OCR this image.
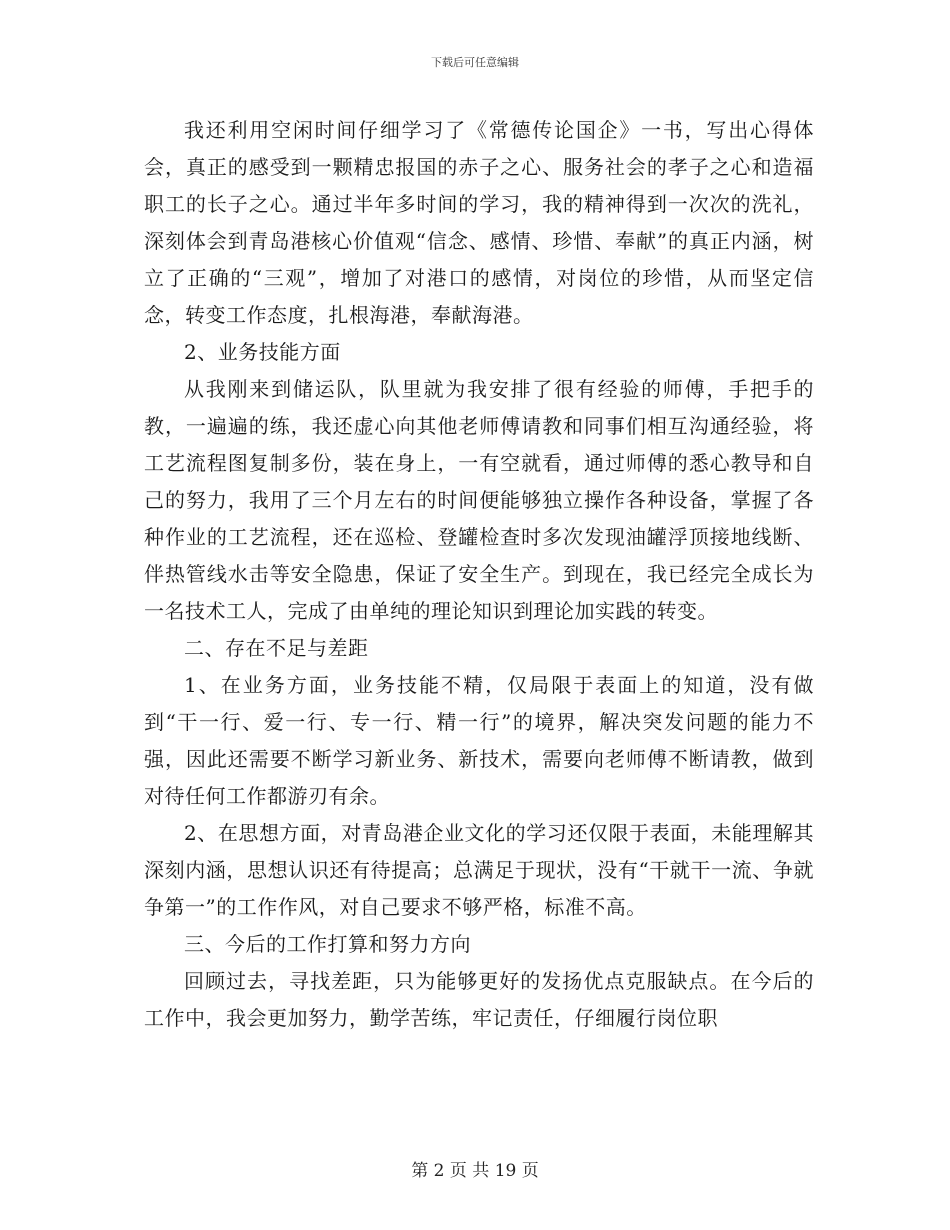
下载后可任意编辑

我还利用空闲时间仔细学习了《常德传论国企》一书，写出心得体会，真正的感受到一颗精忠报国的赤子之心、服务社会的孝子之心和造福职工的长子之心。通过半年多时间的学习，我的精神得到一次次的洗礼，深刻体会到青岛港核心价值观“信念、感情、珍惜、奉献”的真正内涵，树立了正确的“三观”，增加了对港口的感情，对岗位的珍惜，从而坚定信念，转变工作态度，扎根海港，奉献海港。

2、业务技能方面

从我刚来到储运队，队里就为我安排了很有经验的师傅，手把手的教，一遍遍的练，我还虚心向其他老师傅请教和同事们相互沟通经验，将工艺流程图复制多份，装在身上，一有空就看，通过师傅的悉心教导和自己的努力，我用了三个月左右的时间便能够独立操作各种设备，掌握了各种作业的工艺流程，还在巡检、登罐检查时多次发现油罐浮顶接地线断、伴热管线水击等安全隐患，保证了安全生产。到现在，我已经完全成长为一名技术工人，完成了由单纯的理论知识到理论加实践的转变。

二、存在不足与差距

1、在业务方面，业务技能不精，仅局限于表面上的知道，没有做到“干一行、爱一行、专一行、精一行”的境界，解决突发问题的能力不强，因此还需要不断学习新业务、新技术，需要向老师傅不断请教，做到对待任何工作都游刃有余。

2、在思想方面，对青岛港企业文化的学习还仅限于表面，未能理解其深刻内涵，思想认识还有待提高；总满足于现状，没有“干就干一流、争就争第一”的工作作风，对自己要求不够严格，标准不高。

三、今后的工作打算和努力方向

回顾过去，寻找差距，只为能够更好的发扬优点克服缺点。在今后的工作中，我会更加努力，勤学苦练，牢记责任，仔细履行岗位职

第 2 页 共 19 页
